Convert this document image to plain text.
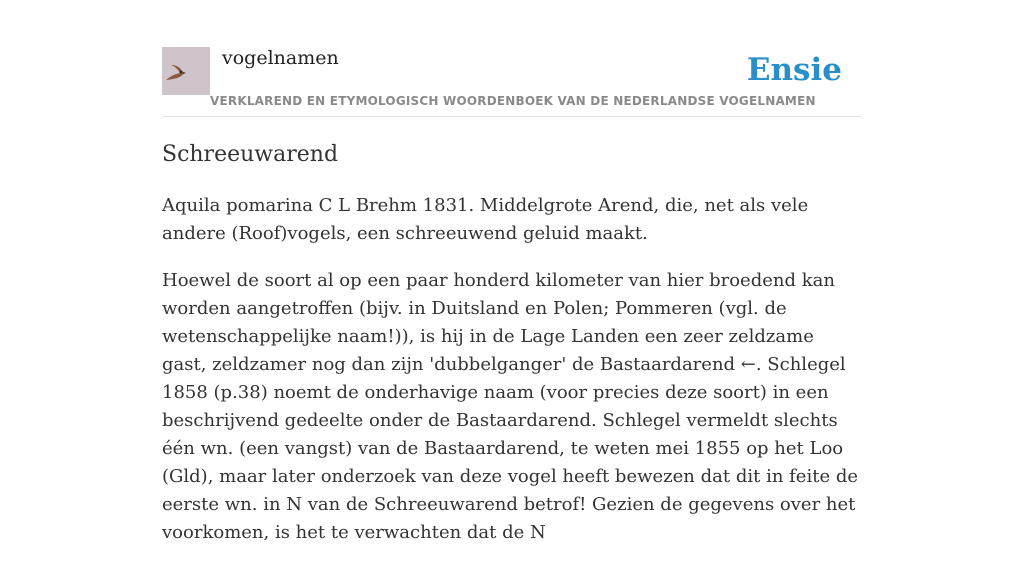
vogelnamen
VERKLAREND EN ETYMOLOGISCH WOORDENBOEK VAN DE NEDERLANDSE VOGELNAMEN
Ensie
Schreeuwarend

Aquila pomarina C L Brehm 1831. Middelgrote Arend, die, net als vele andere (Roof)vogels, een schreeuwend geluid maakt.

Hoewel de soort al op een paar honderd kilometer van hier broedend kan worden aangetroffen (bijv. in Duitsland en Polen; Pommeren (vgl. de wetenschappelijke naam!)), is hij in de Lage Landen een zeer zeldzame gast, zeldzamer nog dan zijn 'dubbelganger' de Bastaardarend ←. Schlegel 1858 (p.38) noemt de onderhavige naam (voor precies deze soort) in een beschrijvend gedeelte onder de Bastaardarend. Schlegel vermeldt slechts één wn. (een vangst) van de Bastaardarend, te weten mei 1855 op het Loo (Gld), maar later onderzoek van deze vogel heeft bewezen dat dit in feite de eerste wn. in N van de Schreeuwarend betrof! Gezien de gegevens over het voorkomen, is het te verwachten dat de N
